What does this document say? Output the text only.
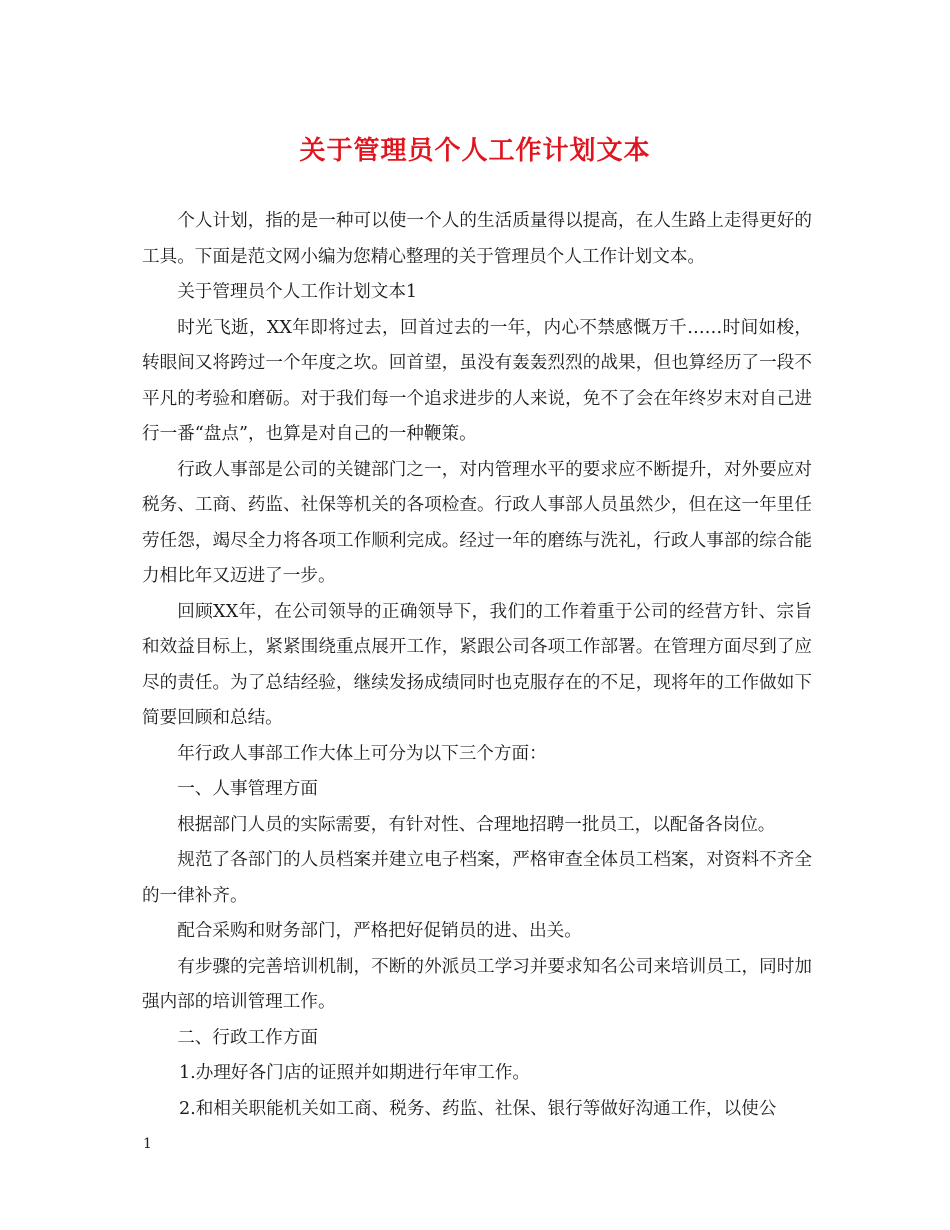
关于管理员个人工作计划文本

个人计划，指的是一种可以使一个人的生活质量得以提高，在人生路上走得更好的工具。下面是范文网小编为您精心整理的关于管理员个人工作计划文本。

关于管理员个人工作计划文本1

时光飞逝，XX年即将过去，回首过去的一年，内心不禁感慨万千……时间如梭，转眼间又将跨过一个年度之坎。回首望，虽没有轰轰烈烈的战果，但也算经历了一段不平凡的考验和磨砺。对于我们每一个追求进步的人来说，免不了会在年终岁末对自己进行一番“盘点”，也算是对自己的一种鞭策。

行政人事部是公司的关键部门之一，对内管理水平的要求应不断提升，对外要应对税务、工商、药监、社保等机关的各项检查。行政人事部人员虽然少，但在这一年里任劳任怨，竭尽全力将各项工作顺利完成。经过一年的磨练与洗礼，行政人事部的综合能力相比年又迈进了一步。

回顾XX年，在公司领导的正确领导下，我们的工作着重于公司的经营方针、宗旨和效益目标上，紧紧围绕重点展开工作，紧跟公司各项工作部署。在管理方面尽到了应尽的责任。为了总结经验，继续发扬成绩同时也克服存在的不足，现将年的工作做如下简要回顾和总结。

年行政人事部工作大体上可分为以下三个方面：

一、人事管理方面

根据部门人员的实际需要，有针对性、合理地招聘一批员工，以配备各岗位。

规范了各部门的人员档案并建立电子档案，严格审查全体员工档案，对资料不齐全的一律补齐。

配合采购和财务部门，严格把好促销员的进、出关。

有步骤的完善培训机制，不断的外派员工学习并要求知名公司来培训员工，同时加强内部的培训管理工作。

二、行政工作方面

1.办理好各门店的证照并如期进行年审工作。

2.和相关职能机关如工商、税务、药监、社保、银行等做好沟通工作，以使公

1
